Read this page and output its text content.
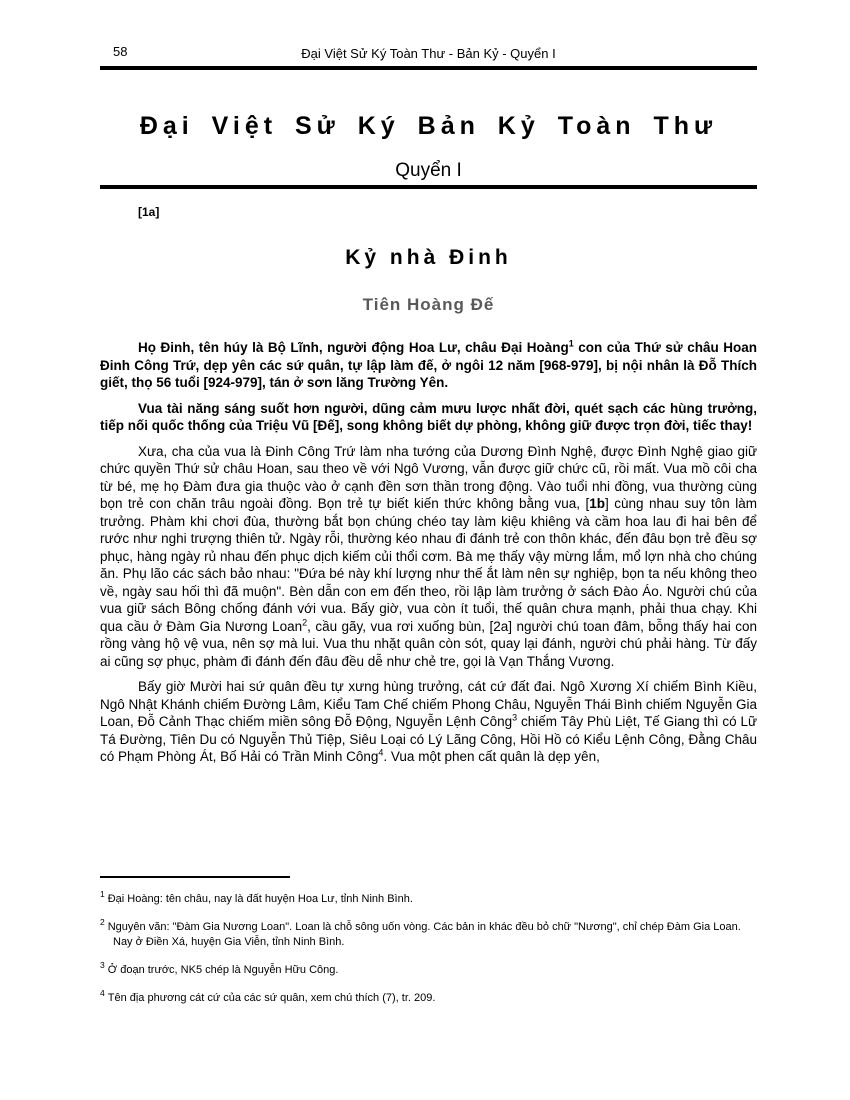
58	Đại Việt Sử Ký Toàn Thư - Bản Kỷ - Quyển I
Đại Việt Sử Ký Bản Kỷ Toàn Thư
Quyển I
[1a]
Kỷ nhà Đinh
Tiên Hoàng Đế

Họ Đinh, tên húy là Bộ Lĩnh, người động Hoa Lư, châu Đại Hoàng$^1$ con của Thứ sử châu Hoan Đinh Công Trứ, dẹp yên các sứ quân, tự lập làm đế, ở ngôi 12 năm [968-979], bị nội nhân là Đỗ Thích giết, thọ 56 tuổi [924-979], tán ở sơn lăng Trường Yên.

Vua tài năng sáng suốt hơn người, dũng cảm mưu lược nhất đời, quét sạch các hùng trưởng, tiếp nối quốc thống của Triệu Vũ [Đế], song không biết dự phòng, không giữ được trọn đời, tiếc thay!

Xưa, cha của vua là Đinh Công Trứ làm nha tướng của Dương Đình Nghệ, được Đình Nghệ giao giữ chức quyền Thứ sử châu Hoan, sau theo về với Ngô Vương, vẫn được giữ chức cũ, rồi mất. Vua mồ côi cha từ bé, mẹ họ Đàm đưa gia thuộc vào ở cạnh đền sơn thần trong động. Vào tuổi nhi đồng, vua thường cùng bọn trẻ con chăn trâu ngoài đồng. Bọn trẻ tự biết kiến thức không bằng vua, [1b] cùng nhau suy tôn làm trưởng. Phàm khi chơi đùa, thường bắt bọn chúng chéo tay làm kiệu khiêng và cầm hoa lau đi hai bên để rước như nghi trượng thiên tử. Ngày rỗi, thường kéo nhau đi đánh trẻ con thôn khác, đến đâu bọn trẻ đều sợ phục, hàng ngày rủ nhau đến phục dịch kiếm củi thổi cơm. Bà mẹ thấy vậy mừng lắm, mổ lợn nhà cho chúng ăn. Phụ lão các sách bảo nhau: "Đứa bé này khí lượng như thế ắt làm nên sự nghiệp, bọn ta nếu không theo về, ngày sau hối thì đã muộn". Bèn dẫn con em đến theo, rồi lập làm trưởng ở sách Đào Áo. Người chú của vua giữ sách Bông chống đánh với vua. Bấy giờ, vua còn ít tuổi, thế quân chưa mạnh, phải thua chạy. Khi qua cầu ở Đàm Gia Nương Loan$^2$, cầu gãy, vua rơi xuống bùn, [2a] người chú toan đâm, bỗng thấy hai con rồng vàng hộ vệ vua, nên sợ mà lui. Vua thu nhặt quân còn sót, quay lại đánh, người chú phải hàng. Từ đấy ai cũng sợ phục, phàm đi đánh đến đâu đều dễ như chẻ tre, gọi là Vạn Thắng Vương.

Bấy giờ Mười hai sứ quân đều tự xưng hùng trưởng, cát cứ đất đai. Ngô Xương Xí chiếm Bình Kiều, Ngô Nhật Khánh chiếm Đường Lâm, Kiểu Tam Chế chiếm Phong Châu, Nguyễn Thái Bình chiếm Nguyễn Gia Loan, Đỗ Cảnh Thạc chiếm miền sông Đỗ Động, Nguyễn Lệnh Công$^3$ chiếm Tây Phù Liệt, Tế Giang thì có Lữ Tá Đường, Tiên Du có Nguyễn Thủ Tiệp, Siêu Loại có Lý Lãng Công, Hồi Hồ có Kiểu Lệnh Công, Đằng Châu có Phạm Phòng Át, Bố Hải có Trần Minh Công$^4$. Vua một phen cất quân là dẹp yên,

$^1$ Đại Hoàng: tên châu, nay là đất huyện Hoa Lư, tỉnh Ninh Bình.
$^2$ Nguyên văn: "Đàm Gia Nương Loan". Loan là chỗ sông uốn vòng. Các bản in khác đều bỏ chữ "Nương", chỉ chép Đàm Gia Loan. Nay ở Điền Xá, huyện Gia Viễn, tỉnh Ninh Bình.
$^3$ Ở đoạn trước, NK5 chép là Nguyễn Hữu Công.
$^4$ Tên địa phương cát cứ của các sứ quân, xem chú thích (7), tr. 209.
